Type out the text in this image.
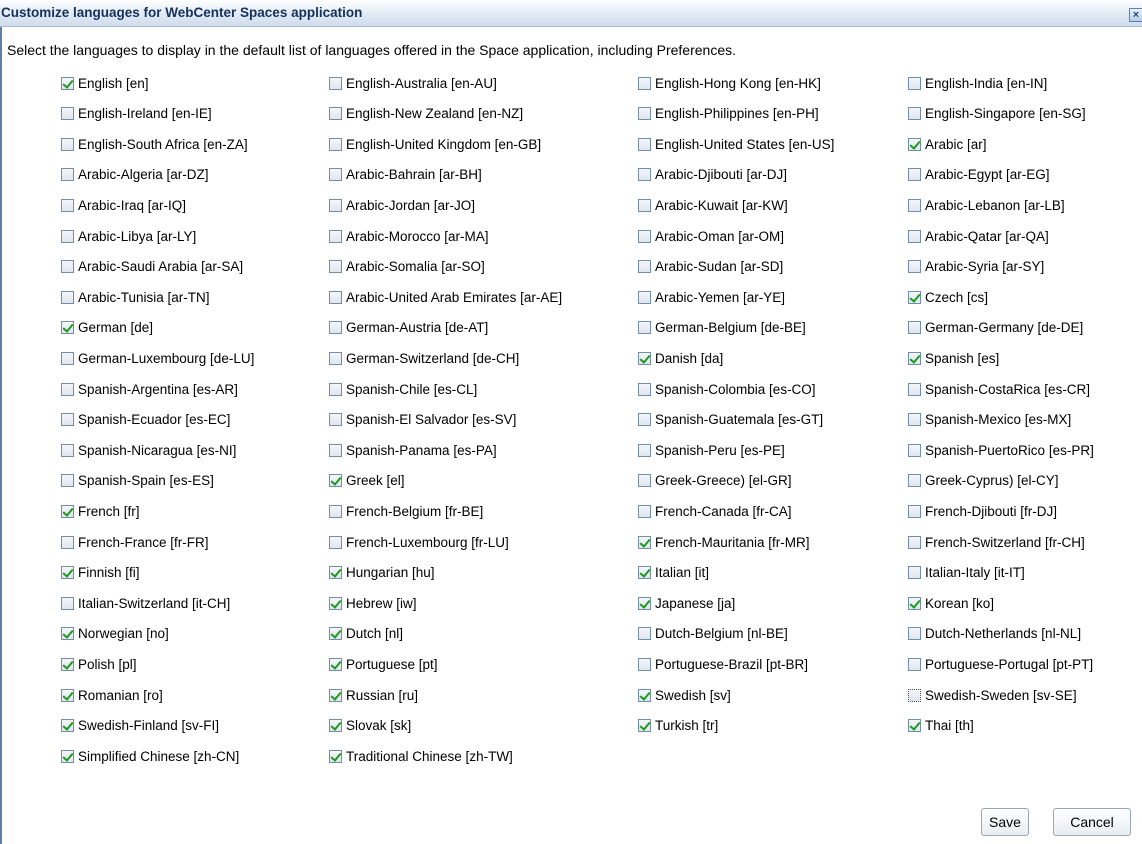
Customize languages for WebCenter Spaces application	×
Select the languages to display in the default list of languages offered in the Space application, including Preferences.
English [en]	English-Australia [en-AU]	English-Hong Kong [en-HK]	English-India [en-IN]
English-Ireland [en-IE]	English-New Zealand [en-NZ]	English-Philippines [en-PH]	English-Singapore [en-SG]
English-South Africa [en-ZA]	English-United Kingdom [en-GB]	English-United States [en-US]	Arabic [ar]
Arabic-Algeria [ar-DZ]	Arabic-Bahrain [ar-BH]	Arabic-Djibouti [ar-DJ]	Arabic-Egypt [ar-EG]
Arabic-Iraq [ar-IQ]	Arabic-Jordan [ar-JO]	Arabic-Kuwait [ar-KW]	Arabic-Lebanon [ar-LB]
Arabic-Libya [ar-LY]	Arabic-Morocco [ar-MA]	Arabic-Oman [ar-OM]	Arabic-Qatar [ar-QA]
Arabic-Saudi Arabia [ar-SA]	Arabic-Somalia [ar-SO]	Arabic-Sudan [ar-SD]	Arabic-Syria [ar-SY]
Arabic-Tunisia [ar-TN]	Arabic-United Arab Emirates [ar-AE]	Arabic-Yemen [ar-YE]	Czech [cs]
German [de]	German-Austria [de-AT]	German-Belgium [de-BE]	German-Germany [de-DE]
German-Luxembourg [de-LU]	German-Switzerland [de-CH]	Danish [da]	Spanish [es]
Spanish-Argentina [es-AR]	Spanish-Chile [es-CL]	Spanish-Colombia [es-CO]	Spanish-CostaRica [es-CR]
Spanish-Ecuador [es-EC]	Spanish-El Salvador [es-SV]	Spanish-Guatemala [es-GT]	Spanish-Mexico [es-MX]
Spanish-Nicaragua [es-NI]	Spanish-Panama [es-PA]	Spanish-Peru [es-PE]	Spanish-PuertoRico [es-PR]
Spanish-Spain [es-ES]	Greek [el]	Greek-Greece) [el-GR]	Greek-Cyprus) [el-CY]
French [fr]	French-Belgium [fr-BE]	French-Canada [fr-CA]	French-Djibouti [fr-DJ]
French-France [fr-FR]	French-Luxembourg [fr-LU]	French-Mauritania [fr-MR]	French-Switzerland [fr-CH]
Finnish [fi]	Hungarian [hu]	Italian [it]	Italian-Italy [it-IT]
Italian-Switzerland [it-CH]	Hebrew [iw]	Japanese [ja]	Korean [ko]
Norwegian [no]	Dutch [nl]	Dutch-Belgium [nl-BE]	Dutch-Netherlands [nl-NL]
Polish [pl]	Portuguese [pt]	Portuguese-Brazil [pt-BR]	Portuguese-Portugal [pt-PT]
Romanian [ro]	Russian [ru]	Swedish [sv]	Swedish-Sweden [sv-SE]
Swedish-Finland [sv-FI]	Slovak [sk]	Turkish [tr]	Thai [th]
Simplified Chinese [zh-CN]	Traditional Chinese [zh-TW]
Save	Cancel
